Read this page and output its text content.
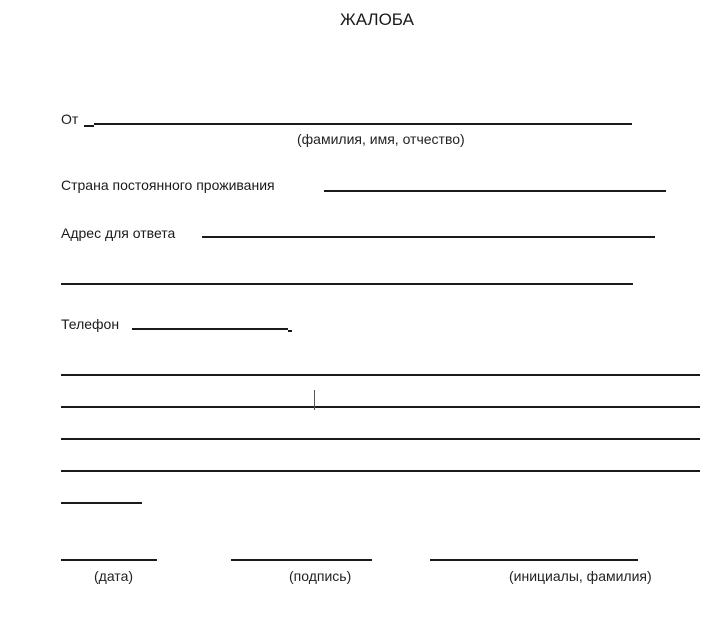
ЖАЛОБА
От
(фамилия, имя, отчество)
Страна постоянного проживания
Адрес для ответа
Телефон
(дата)	(подпись)	(инициалы, фамилия)
